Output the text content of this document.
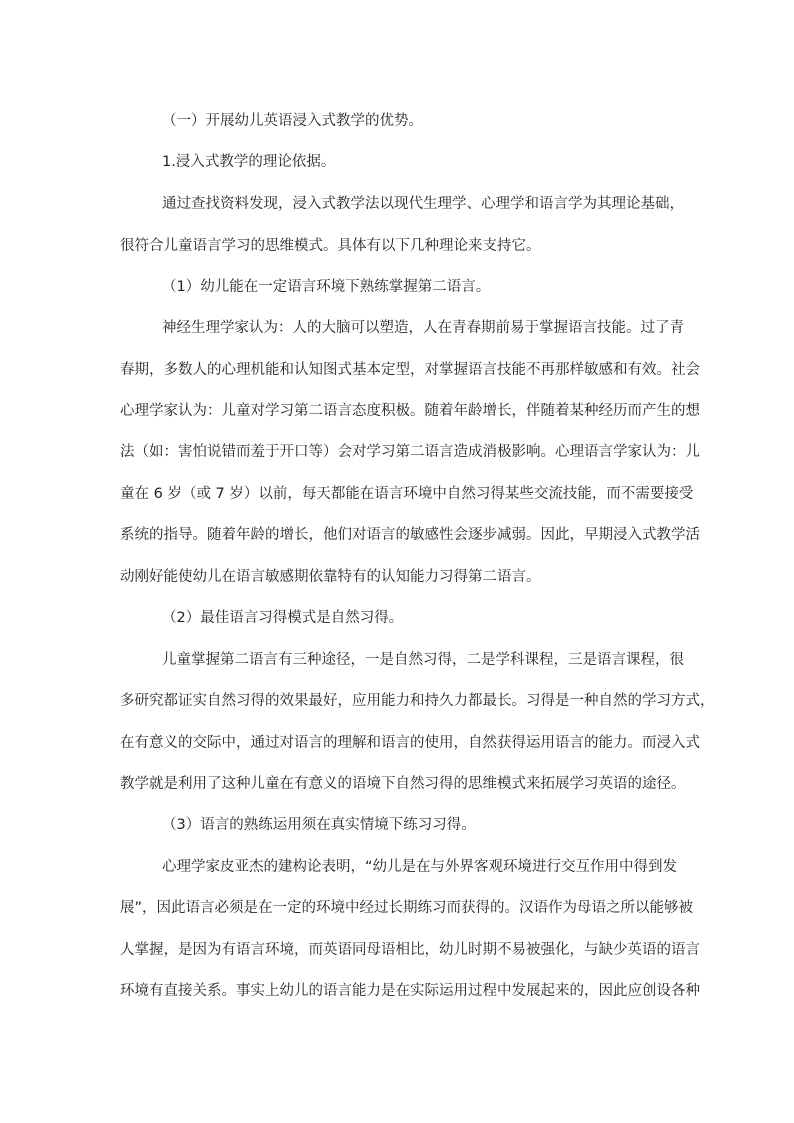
（一）开展幼儿英语浸入式教学的优势。
1.浸入式教学的理论依据。
通过查找资料发现，浸入式教学法以现代生理学、心理学和语言学为其理论基础，
很符合儿童语言学习的思维模式。具体有以下几种理论来支持它。
（1）幼儿能在一定语言环境下熟练掌握第二语言。
神经生理学家认为：人的大脑可以塑造，人在青春期前易于掌握语言技能。过了青
春期，多数人的心理机能和认知图式基本定型，对掌握语言技能不再那样敏感和有效。社会
心理学家认为：儿童对学习第二语言态度积极。随着年龄增长，伴随着某种经历而产生的想
法（如：害怕说错而羞于开口等）会对学习第二语言造成消极影响。心理语言学家认为：儿
童在 6 岁（或 7 岁）以前，每天都能在语言环境中自然习得某些交流技能，而不需要接受
系统的指导。随着年龄的增长，他们对语言的敏感性会逐步减弱。因此，早期浸入式教学活
动刚好能使幼儿在语言敏感期依靠特有的认知能力习得第二语言。
（2）最佳语言习得模式是自然习得。
儿童掌握第二语言有三种途径，一是自然习得，二是学科课程，三是语言课程，很
多研究都证实自然习得的效果最好，应用能力和持久力都最长。习得是一种自然的学习方式，
在有意义的交际中，通过对语言的理解和语言的使用，自然获得运用语言的能力。而浸入式
教学就是利用了这种儿童在有意义的语境下自然习得的思维模式来拓展学习英语的途径。
（3）语言的熟练运用须在真实情境下练习习得。
心理学家皮亚杰的建构论表明，“幼儿是在与外界客观环境进行交互作用中得到发
展”，因此语言必须是在一定的环境中经过长期练习而获得的。汉语作为母语之所以能够被
人掌握，是因为有语言环境，而英语同母语相比，幼儿时期不易被强化，与缺少英语的语言
环境有直接关系。事实上幼儿的语言能力是在实际运用过程中发展起来的，因此应创设各种
